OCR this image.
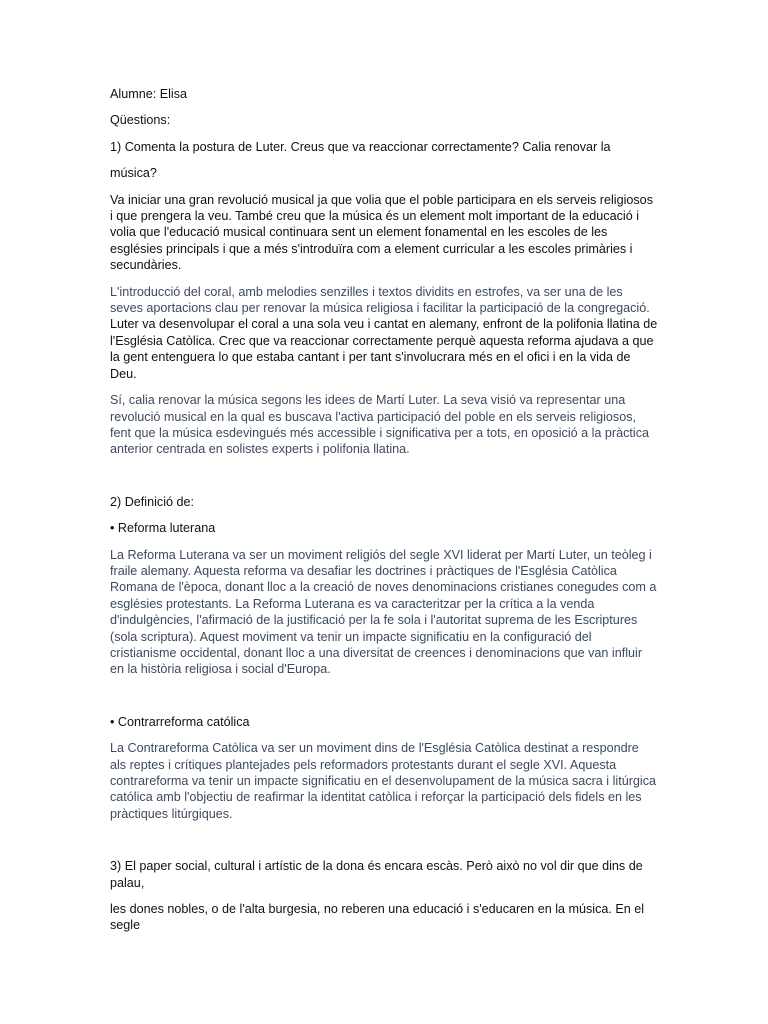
Alumne: Elisa

Qüestions:

1) Comenta la postura de Luter. Creus que va reaccionar correctamente? Calia renovar la

música?

Va iniciar una gran revolució musical ja que volia que el poble participara en els serveis religiosos i que prengera la veu. També creu que la música és un element molt important de la educació i volia que l'educació musical continuara sent un element fonamental en les escoles de les esglésies principals i que a més s'introduïra com a element curricular a les escoles primàries i secundàries.

L'introducció del coral, amb melodies senzilles i textos dividits en estrofes, va ser una de les seves aportacions clau per renovar la música religiosa i facilitar la participació de la congregació. Luter va desenvolupar el coral a una sola veu i cantat en alemany, enfront de la polifonia llatina de l'Església Catòlica. Crec que va reaccionar correctamente perquè aquesta reforma ajudava a que la gent entenguera lo que estaba cantant i per tant s'involucrara més en el ofici i en la vida de Deu.

Sí, calia renovar la música segons les idees de Martí Luter. La seva visió va representar una revolució musical en la qual es buscava l'activa participació del poble en els serveis religiosos, fent que la música esdevingués més accessible i significativa per a tots, en oposició a la pràctica anterior centrada en solistes experts i polifonia llatina.

2) Definició de:

• Reforma luterana

La Reforma Luterana va ser un moviment religiós del segle XVI liderat per Martí Luter, un teòleg i fraile alemany. Aquesta reforma va desafiar les doctrines i pràctiques de l'Església Catòlica Romana de l'època, donant lloc a la creació de noves denominacions cristianes conegudes com a esglésies protestants. La Reforma Luterana es va caracteritzar per la crítica a la venda d'indulgències, l'afirmació de la justificació per la fe sola i l'autoritat suprema de les Escriptures (sola scriptura). Aquest moviment va tenir un impacte significatiu en la configuració del cristianisme occidental, donant lloc a una diversitat de creences i denominacions que van influir en la història religiosa i social d'Europa.

• Contrarreforma católica

La Contrareforma Catòlica va ser un moviment dins de l'Església Catòlica destinat a respondre als reptes i crítiques plantejades pels reformadors protestants durant el segle XVI. Aquesta contrareforma va tenir un impacte significatiu en el desenvolupament de la música sacra i litúrgica católica amb l'objectiu de reafirmar la identitat catòlica i reforçar la participació dels fidels en les pràctiques litúrgiques.

3) El paper social, cultural i artístic de la dona és encara escàs. Però això no vol dir que dins de palau,

les dones nobles, o de l'alta burgesia, no reberen una educació i s'educaren en la música. En el segle
